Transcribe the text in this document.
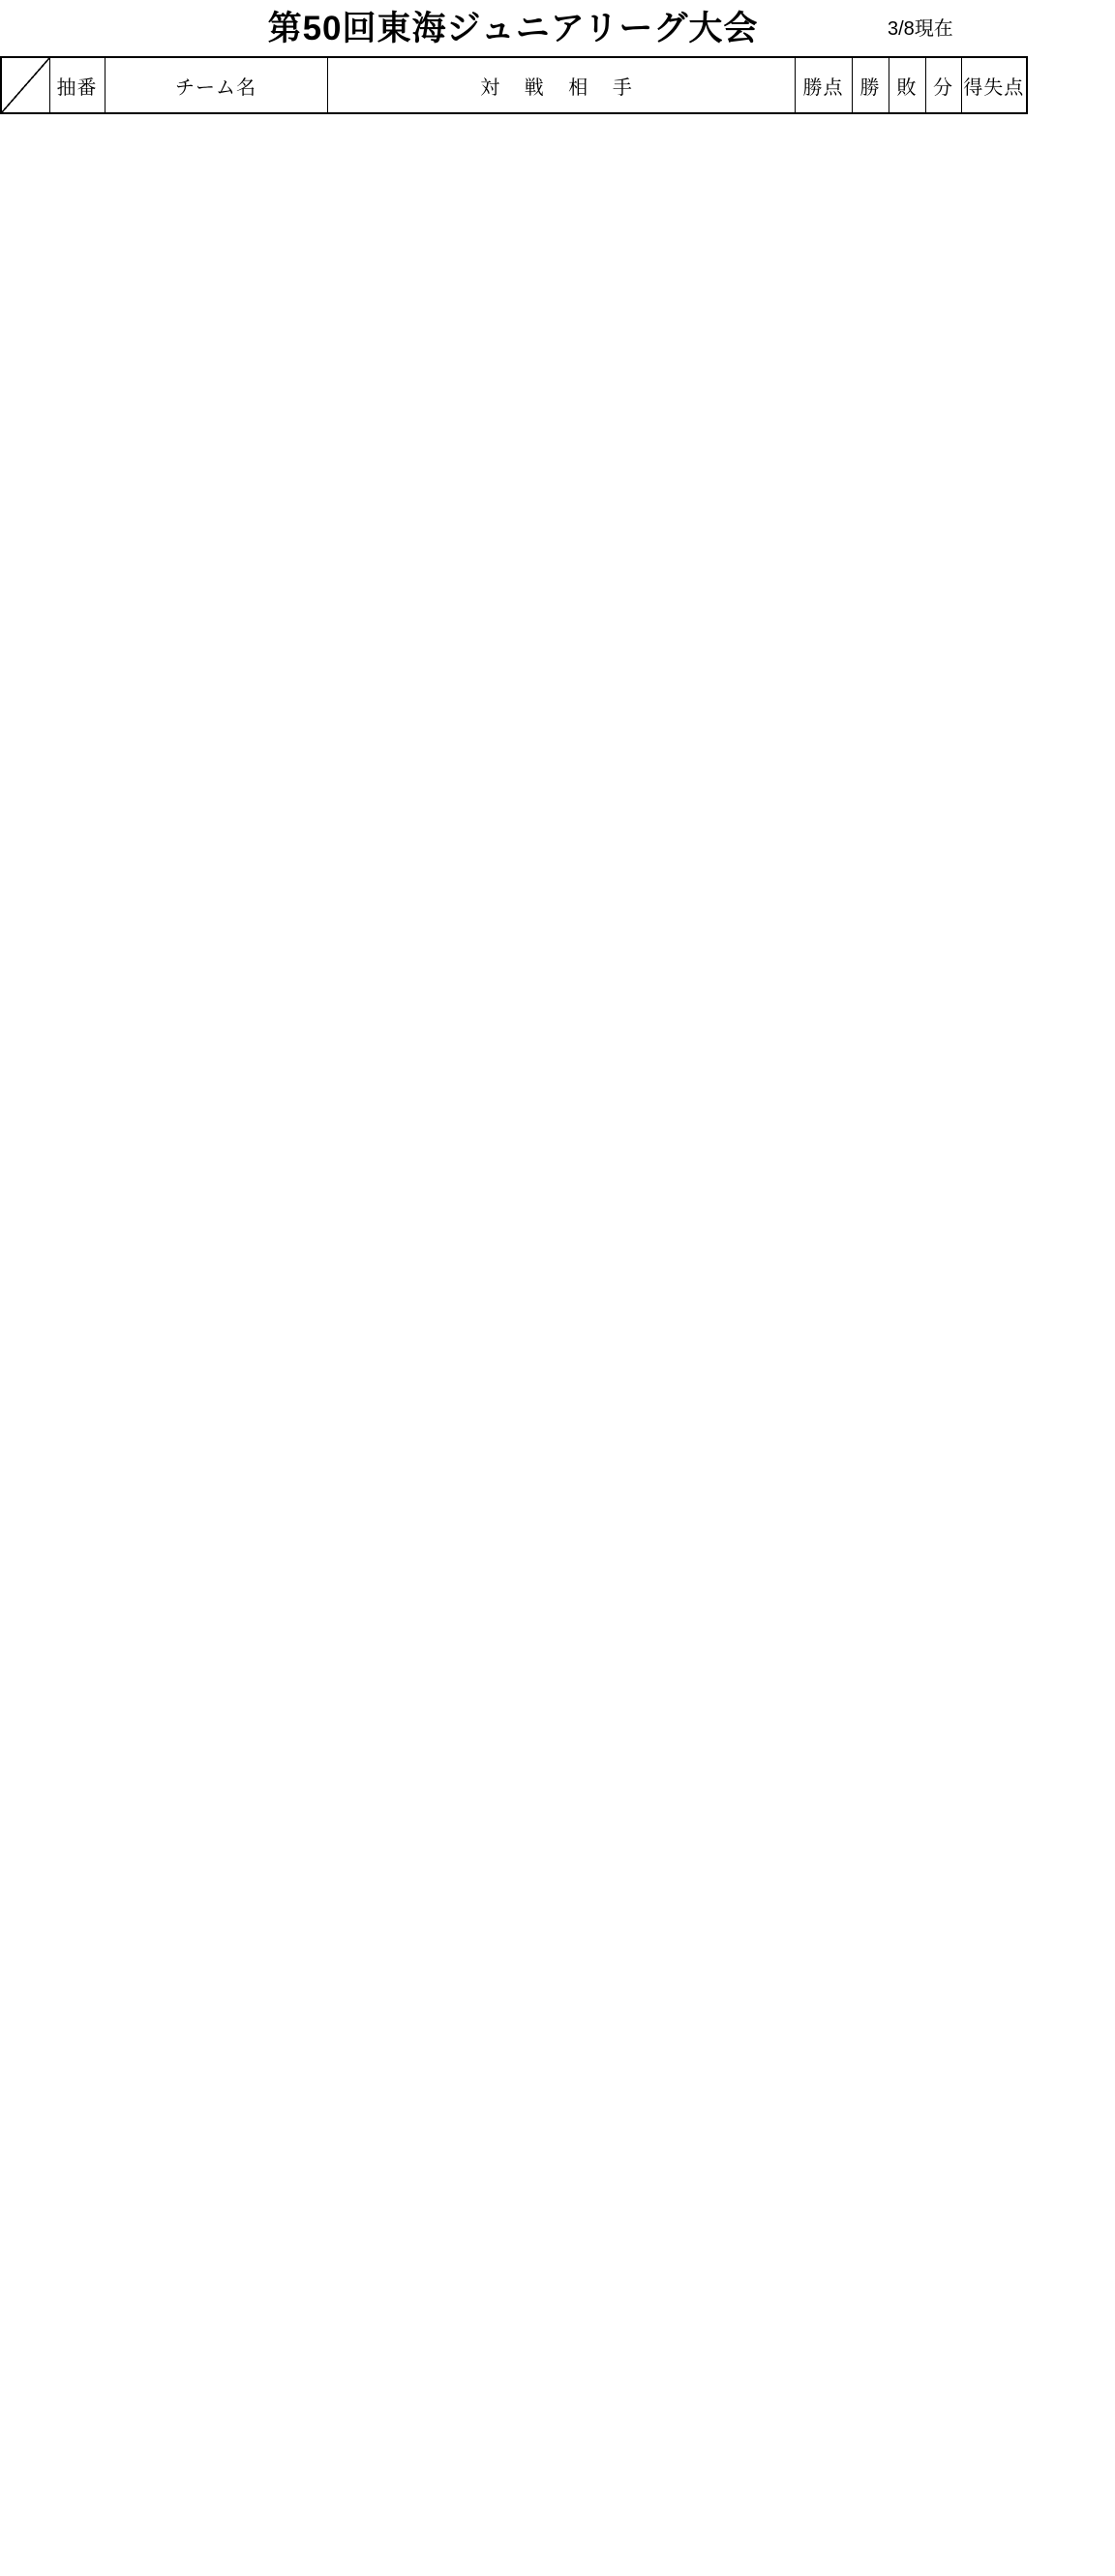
第50回東海ジュニアリーグ大会	3/8現在
	抽番	チーム名	対 戦 相 手	勝点	勝	敗	分	得失点
